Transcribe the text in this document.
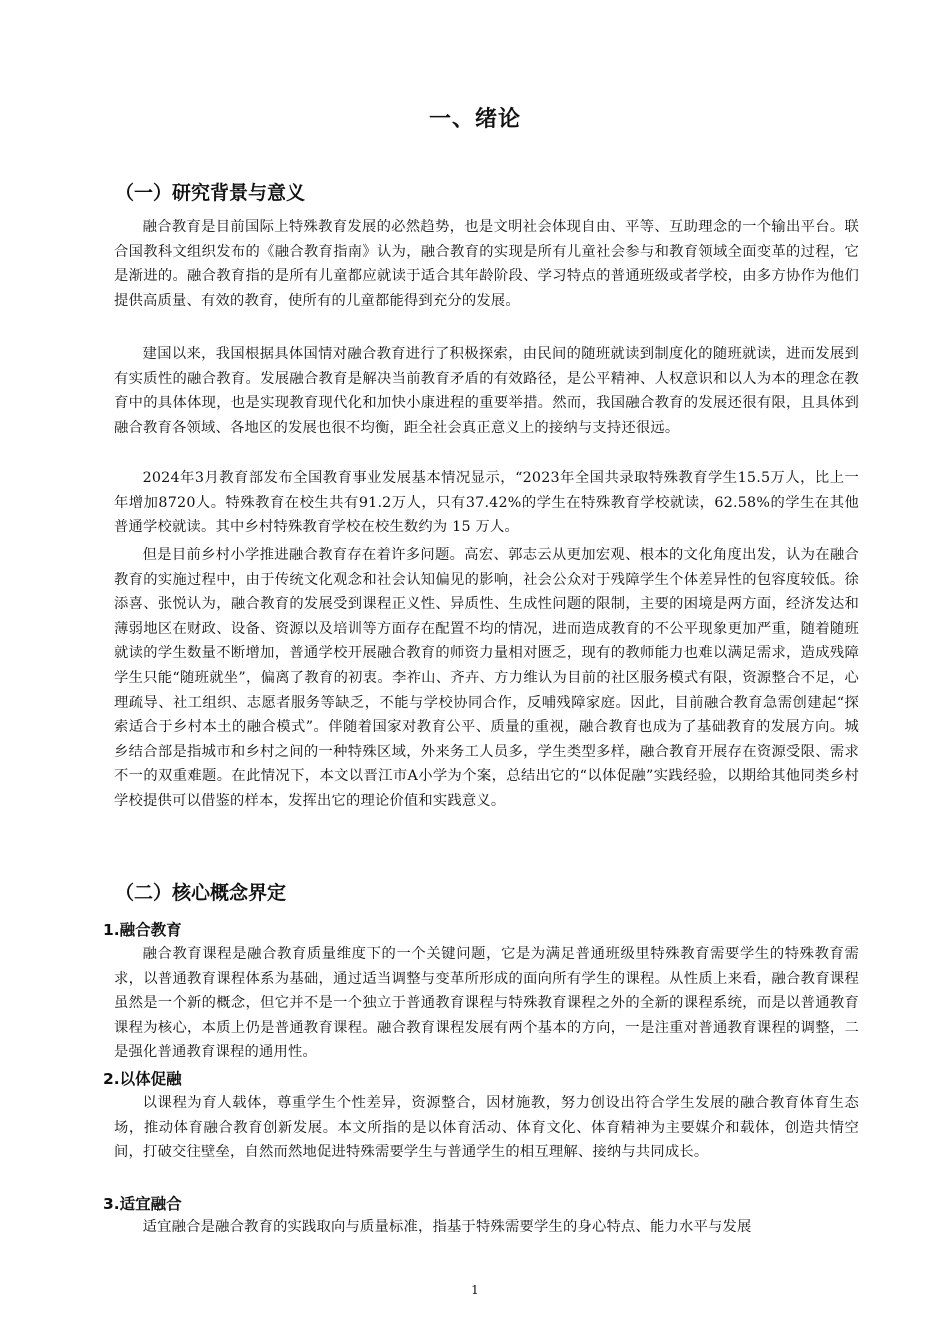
一、绪论
（一）研究背景与意义

融合教育是目前国际上特殊教育发展的必然趋势，也是文明社会体现自由、平等、互助理念的一个输出平台。联合国教科文组织发布的《融合教育指南》认为，融合教育的实现是所有儿童社会参与和教育领域全面变革的过程，它是渐进的。融合教育指的是所有儿童都应就读于适合其年龄阶段、学习特点的普通班级或者学校，由多方协作为他们提供高质量、有效的教育，使所有的儿童都能得到充分的发展。

建国以来，我国根据具体国情对融合教育进行了积极探索，由民间的随班就读到制度化的随班就读，进而发展到有实质性的融合教育。发展融合教育是解决当前教育矛盾的有效路径，是公平精神、人权意识和以人为本的理念在教育中的具体体现，也是实现教育现代化和加快小康进程的重要举措。然而，我国融合教育的发展还很有限，且具体到融合教育各领域、各地区的发展也很不均衡，距全社会真正意义上的接纳与支持还很远。

2024年3月教育部发布全国教育事业发展基本情况显示，“2023年全国共录取特殊教育学生15.5万人，比上一年增加8720人。特殊教育在校生共有91.2万人，只有37.42%的学生在特殊教育学校就读，62.58%的学生在其他普通学校就读。其中乡村特殊教育学校在校生数约为 15 万人。

但是目前乡村小学推进融合教育存在着许多问题。高宏、郭志云从更加宏观、根本的文化角度出发，认为在融合教育的实施过程中，由于传统文化观念和社会认知偏见的影响，社会公众对于残障学生个体差异性的包容度较低。徐添喜、张悦认为，融合教育的发展受到课程正义性、异质性、生成性问题的限制，主要的困境是两方面，经济发达和薄弱地区在财政、设备、资源以及培训等方面存在配置不均的情况，进而造成教育的不公平现象更加严重，随着随班就读的学生数量不断增加，普通学校开展融合教育的师资力量相对匮乏，现有的教师能力也难以满足需求，造成残障学生只能“随班就坐”，偏离了教育的初衷。李祚山、齐卉、方力维认为目前的社区服务模式有限，资源整合不足，心理疏导、社工组织、志愿者服务等缺乏，不能与学校协同合作，反哺残障家庭。因此，目前融合教育急需创建起“探索适合于乡村本土的融合模式”。伴随着国家对教育公平、质量的重视，融合教育也成为了基础教育的发展方向。城乡结合部是指城市和乡村之间的一种特殊区域，外来务工人员多，学生类型多样，融合教育开展存在资源受限、需求不一的双重难题。在此情况下，本文以晋江市A小学为个案，总结出它的“以体促融”实践经验，以期给其他同类乡村学校提供可以借鉴的样本，发挥出它的理论价值和实践意义。

（二）核心概念界定
1.融合教育

融合教育课程是融合教育质量维度下的一个关键问题，它是为满足普通班级里特殊教育需要学生的特殊教育需求，以普通教育课程体系为基础，通过适当调整与变革所形成的面向所有学生的课程。从性质上来看，融合教育课程虽然是一个新的概念，但它并不是一个独立于普通教育课程与特殊教育课程之外的全新的课程系统，而是以普通教育课程为核心，本质上仍是普通教育课程。融合教育课程发展有两个基本的方向，一是注重对普通教育课程的调整，二是强化普通教育课程的通用性。

2.以体促融

以课程为育人载体，尊重学生个性差异，资源整合，因材施教，努力创设出符合学生发展的融合教育体育生态场，推动体育融合教育创新发展。本文所指的是以体育活动、体育文化、体育精神为主要媒介和载体，创造共情空间，打破交往壁垒，自然而然地促进特殊需要学生与普通学生的相互理解、接纳与共同成长。

3.适宜融合

适宜融合是融合教育的实践取向与质量标准，指基于特殊需要学生的身心特点、能力水平与发展

1
